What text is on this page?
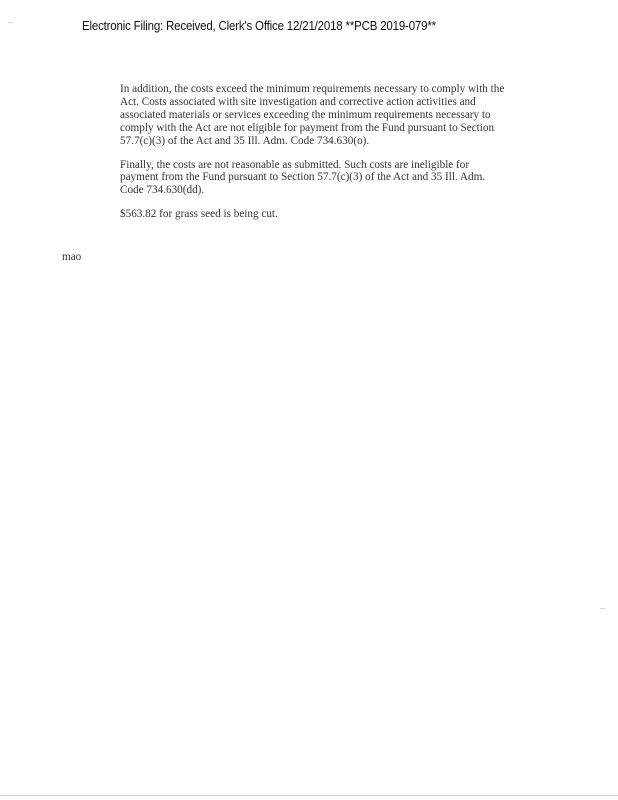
Electronic Filing: Received, Clerk's Office 12/21/2018 **PCB 2019-079**

In addition, the costs exceed the minimum requirements necessary to comply with the
Act. Costs associated with site investigation and corrective action activities and
associated materials or services exceeding the minimum requirements necessary to
comply with the Act are not eligible for payment from the Fund pursuant to Section
57.7(c)(3) of the Act and 35 Ill. Adm. Code 734.630(o).

Finally, the costs are not reasonable as submitted. Such costs are ineligible for
payment from the Fund pursuant to Section 57.7(c)(3) of the Act and 35 Ill. Adm.
Code 734.630(dd).

$563.82 for grass seed is being cut.

mao
